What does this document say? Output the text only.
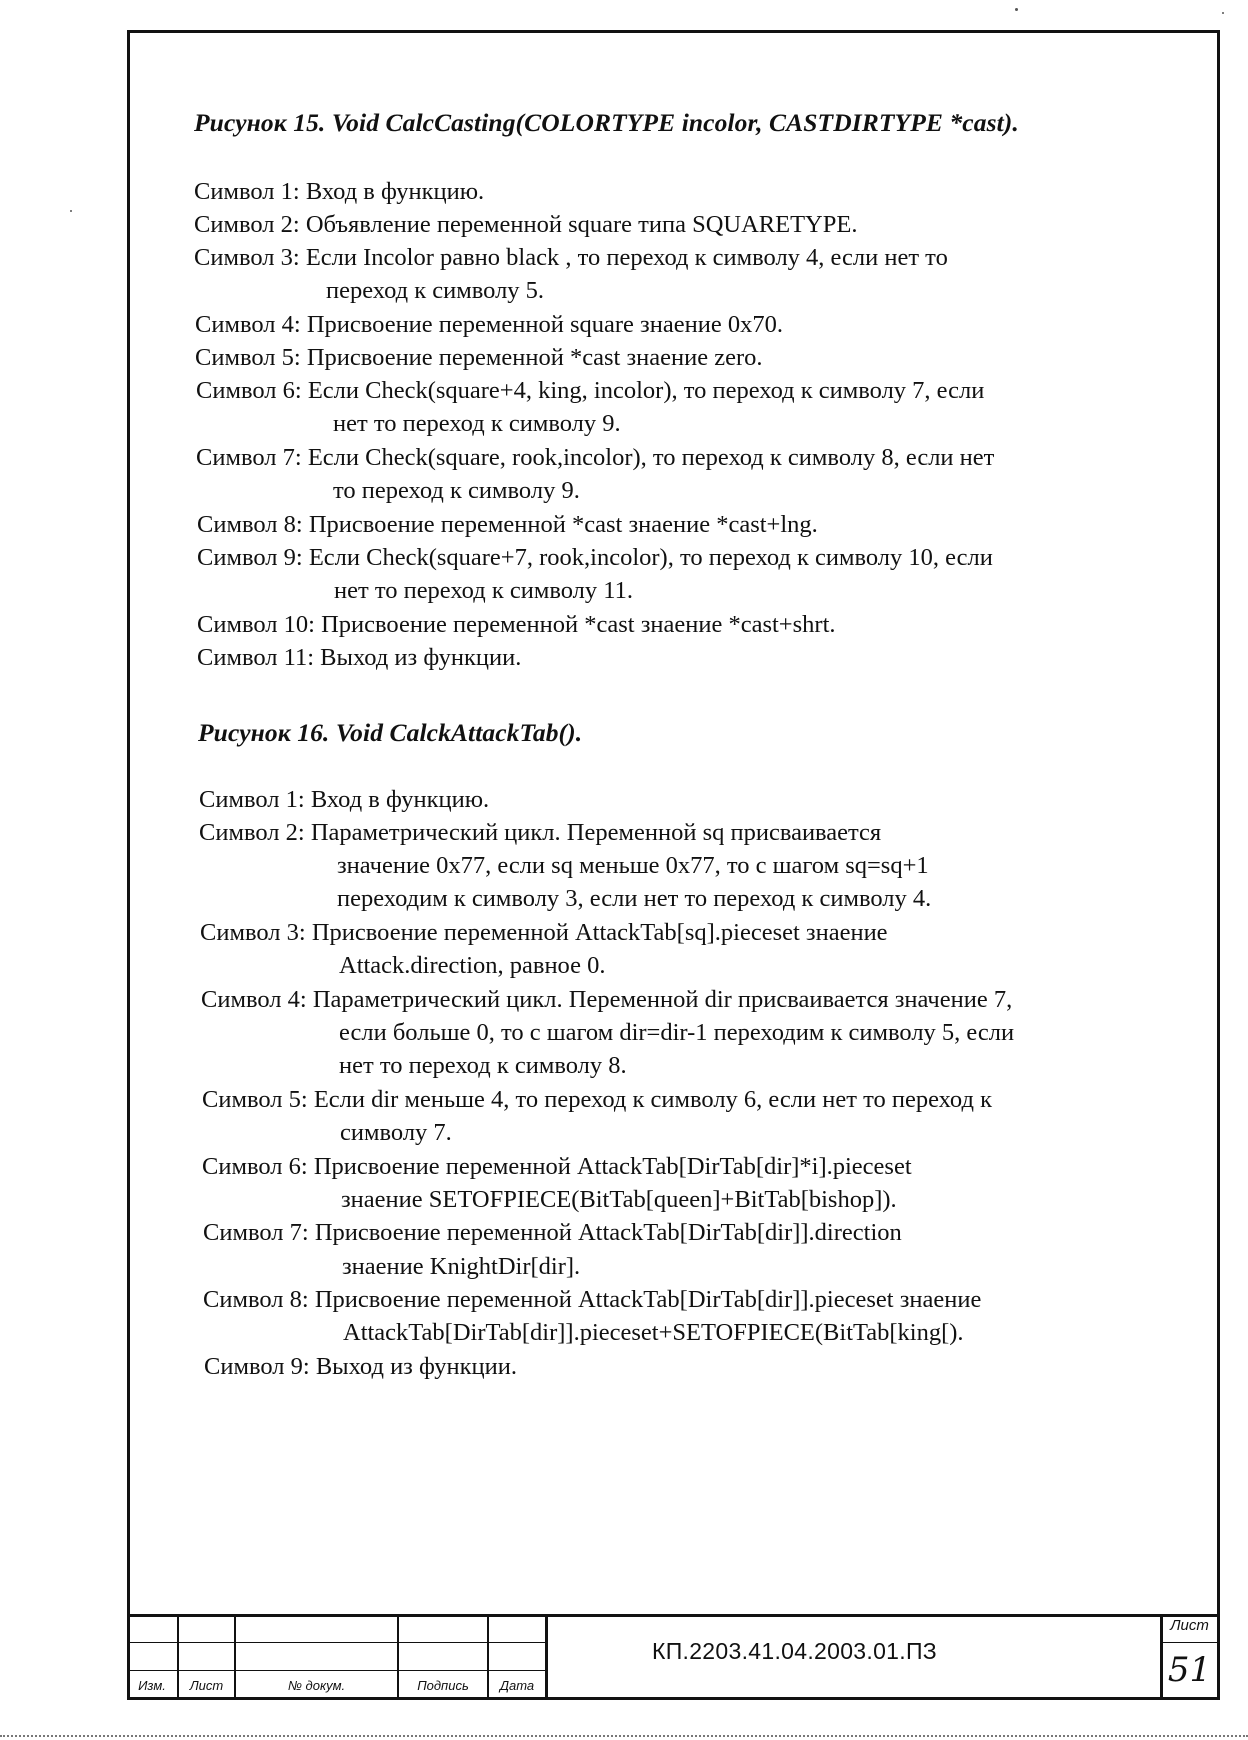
Рисунок 15. Void CalcCasting(COLORTYPE incolor, CASTDIRTYPE *cast).
Символ 1: Вход в функцию.
Символ 2: Объявление переменной square типа SQUARETYPE.
Символ 3: Если Incolor равно black , то переход к символу 4, если нет то
переход к символу 5.
Символ 4: Присвоение переменной square знаение 0x70.
Символ 5: Присвоение переменной *cast знаение zero.
Символ 6: Если Check(square+4, king, incolor), то переход к символу 7, если
нет то переход к символу 9.
Символ 7: Если Check(square, rook,incolor), то переход к символу 8, если нет
то переход к символу 9.
Символ 8: Присвоение переменной *cast знаение *cast+lng.
Символ 9: Если Check(square+7, rook,incolor), то переход к символу 10, если
нет то переход к символу 11.
Символ 10: Присвоение переменной *cast знаение *cast+shrt.
Символ 11: Выход из функции.
Рисунок 16. Void CalckAttackTab().
Символ 1: Вход в функцию.
Символ 2: Параметрический цикл. Переменной sq присваивается
значение 0x77, если sq меньше 0x77, то с шагом sq=sq+1
переходим к символу 3, если нет то переход к символу 4.
Символ 3: Присвоение переменной AttackTab[sq].pieceset знаение
Attack.direction, равное 0.
Символ 4: Параметрический цикл. Переменной dir присваивается значение 7,
если больше 0, то с шагом dir=dir-1 переходим к символу 5, если
нет то переход к символу 8.
Символ 5: Если dir меньше 4, то переход к символу 6, если нет то переход к
символу 7.
Символ 6: Присвоение переменной AttackTab[DirTab[dir]*i].pieceset
знаение SETOFPIECE(BitTab[queen]+BitTab[bishop]).
Символ 7: Присвоение переменной AttackTab[DirTab[dir]].direction
знаение KnightDir[dir].
Символ 8: Присвоение переменной AttackTab[DirTab[dir]].pieceset знаение
AttackTab[DirTab[dir]].pieceset+SETOFPIECE(BitTab[king[).
Символ 9: Выход из функции.
Изм.	Лист	№ докум.	Подпись	Дата
КП.2203.41.04.2003.01.ПЗ
Лист
51
